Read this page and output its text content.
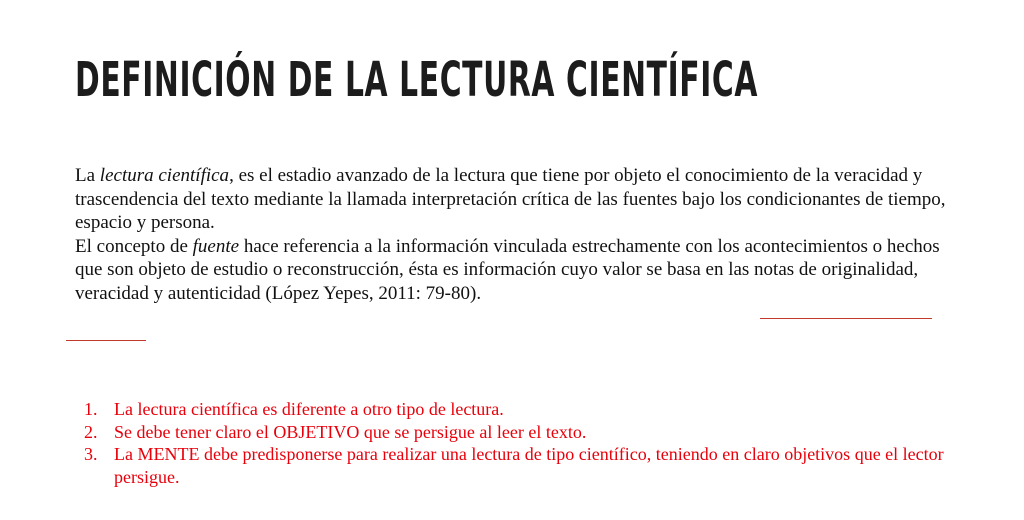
DEFINICIÓN DE LA LECTURA CIENTÍFICA

La lectura científica, es el estadio avanzado de la lectura que tiene por objeto el conocimiento de la veracidad y trascendencia del texto mediante la llamada interpretación crítica de las fuentes bajo los condicionantes de tiempo, espacio y persona.

El concepto de fuente hace referencia a la información vinculada estrechamente con los acontecimientos o hechos que son objeto de estudio o reconstrucción, ésta es información cuyo valor se basa en las notas de originalidad, veracidad y autenticidad (López Yepes, 2011: 79-80).

1. La lectura científica es diferente a otro tipo de lectura.
2. Se debe tener claro el OBJETIVO que se persigue al leer el texto.
3. La MENTE debe predisponerse para realizar una lectura de tipo científico, teniendo en claro objetivos que el lector persigue.
